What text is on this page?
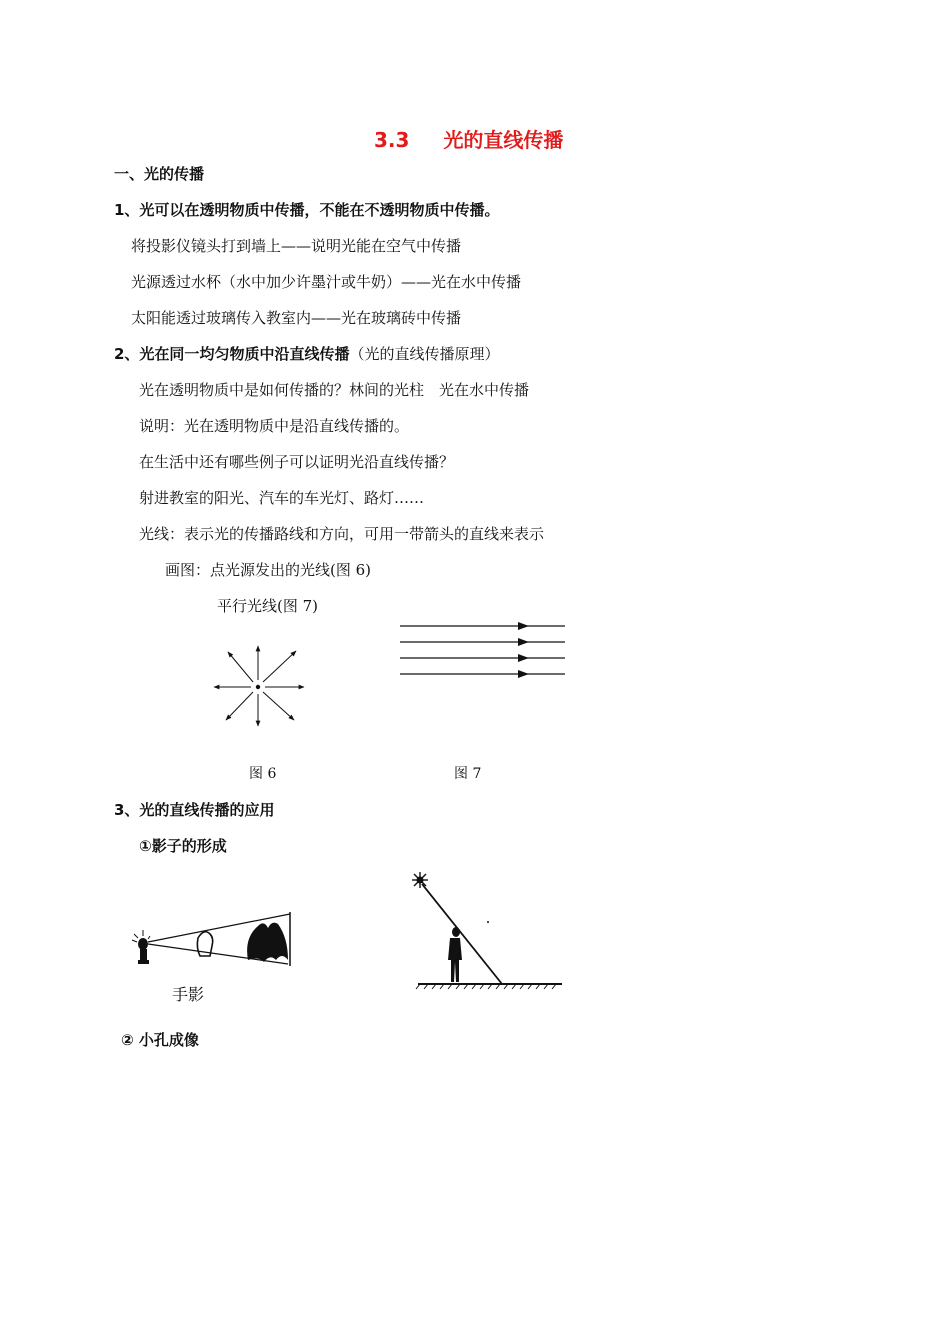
3.3 光的直线传播
一、光的传播
1、光可以在透明物质中传播，不能在不透明物质中传播。
将投影仪镜头打到墙上——说明光能在空气中传播
光源透过水杯（水中加少许墨汁或牛奶）——光在水中传播
太阳能透过玻璃传入教室内——光在玻璃砖中传播
2、光在同一均匀物质中沿直线传播（光的直线传播原理）
光在透明物质中是如何传播的？林间的光柱　光在水中传播
说明：光在透明物质中是沿直线传播的。
在生活中还有哪些例子可以证明光沿直线传播？
射进教室的阳光、汽车的车光灯、路灯……
光线：表示光的传播路线和方向，可用一带箭头的直线来表示
画图：点光源发出的光线(图 6)
平行光线(图 7)
图 6	图 7
3、光的直线传播的应用
①影子的形成
手影
② 小孔成像
